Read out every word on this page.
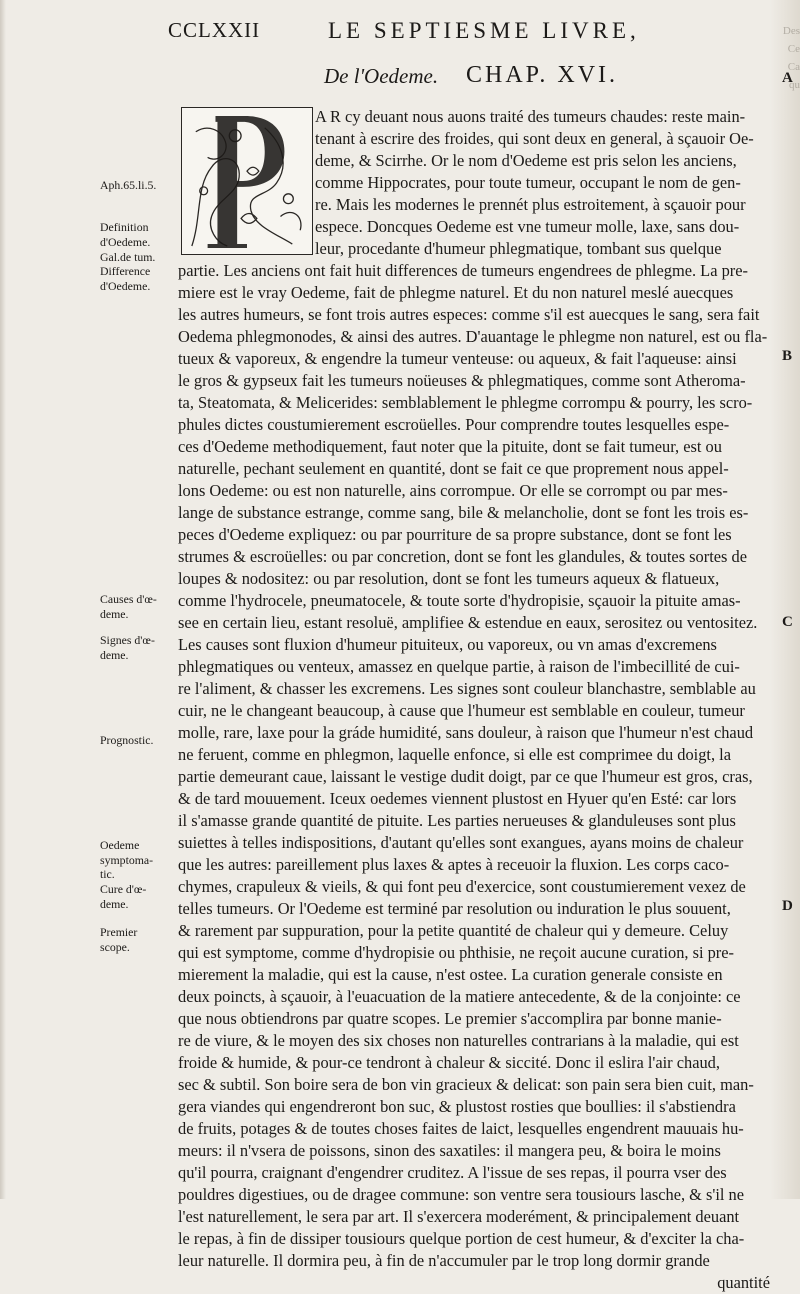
Des
Ce
Ca
qu
CCLXXII	LE SEPTIESME LIVRE,
De l'Oedeme. CHAP. XVI.
A R cy deuant nous auons traité des tumeurs chaudes: reste main-
tenant à escrire des froides, qui sont deux en general, à sçauoir Oe-
deme, & Scirrhe. Or le nom d'Oedeme est pris selon les anciens,
comme Hippocrates, pour toute tumeur, occupant le nom de gen-
re. Mais les modernes le prennét plus estroitement, à sçauoir pour
espece. Doncques Oedeme est vne tumeur molle, laxe, sans dou-
leur, procedante d'humeur phlegmatique, tombant sus quelque
partie. Les anciens ont fait huit differences de tumeurs engendrees de phlegme. La pre-
miere est le vray Oedeme, fait de phlegme naturel. Et du non naturel meslé auecques
les autres humeurs, se font trois autres especes: comme s'il est auecques le sang, sera fait
Oedema phlegmonodes, & ainsi des autres. D'auantage le phlegme non naturel, est ou fla-
tueux & vaporeux, & engendre la tumeur venteuse: ou aqueux, & fait l'aqueuse: ainsi
le gros & gypseux fait les tumeurs noüeuses & phlegmatiques, comme sont Atheroma-
ta, Steatomata, & Melicerides: semblablement le phlegme corrompu & pourry, les scro-
phules dictes coustumierement escroüelles. Pour comprendre toutes lesquelles espe-
ces d'Oedeme methodiquement, faut noter que la pituite, dont se fait tumeur, est ou
naturelle, pechant seulement en quantité, dont se fait ce que proprement nous appel-
lons Oedeme: ou est non naturelle, ains corrompue. Or elle se corrompt ou par mes-
lange de substance estrange, comme sang, bile & melancholie, dont se font les trois es-
peces d'Oedeme expliquez: ou par pourriture de sa propre substance, dont se font les
strumes & escroüelles: ou par concretion, dont se font les glandules, & toutes sortes de
loupes & nodositez: ou par resolution, dont se font les tumeurs aqueux & flatueux,
comme l'hydrocele, pneumatocele, & toute sorte d'hydropisie, sçauoir la pituite amas-
see en certain lieu, estant resoluë, amplifiee & estendue en eaux, serositez ou ventositez.
Les causes sont fluxion d'humeur pituiteux, ou vaporeux, ou vn amas d'excremens
phlegmatiques ou venteux, amassez en quelque partie, à raison de l'imbecillité de cui-
re l'aliment, & chasser les excremens. Les signes sont couleur blanchastre, semblable au
cuir, ne le changeant beaucoup, à cause que l'humeur est semblable en couleur, tumeur
molle, rare, laxe pour la gráde humidité, sans douleur, à raison que l'humeur n'est chaud
ne feruent, comme en phlegmon, laquelle enfonce, si elle est comprimee du doigt, la
partie demeurant caue, laissant le vestige dudit doigt, par ce que l'humeur est gros, cras,
& de tard mouuement. Iceux oedemes viennent plustost en Hyuer qu'en Esté: car lors
il s'amasse grande quantité de pituite. Les parties nerueuses & glanduleuses sont plus
suiettes à telles indispositions, d'autant qu'elles sont exangues, ayans moins de chaleur
que les autres: pareillement plus laxes & aptes à receuoir la fluxion. Les corps caco-
chymes, crapuleux & vieils, & qui font peu d'exercice, sont coustumierement vexez de
telles tumeurs. Or l'Oedeme est terminé par resolution ou induration le plus souuent,
& rarement par suppuration, pour la petite quantité de chaleur qui y demeure. Celuy
qui est symptome, comme d'hydropisie ou phthisie, ne reçoit aucune curation, si pre-
mierement la maladie, qui est la cause, n'est ostee. La curation generale consiste en
deux poincts, à sçauoir, à l'euacuation de la matiere antecedente, & de la conjointe: ce
que nous obtiendrons par quatre scopes. Le premier s'accomplira par bonne manie-
re de viure, & le moyen des six choses non naturelles contrarians à la maladie, qui est
froide & humide, & pour-ce tendront à chaleur & siccité. Donc il eslira l'air chaud,
sec & subtil. Son boire sera de bon vin gracieux & delicat: son pain sera bien cuit, man-
gera viandes qui engendreront bon suc, & plustost rosties que boullies: il s'abstiendra
de fruits, potages & de toutes choses faites de laict, lesquelles engendrent mauuais hu-
meurs: il n'vsera de poissons, sinon des saxatiles: il mangera peu, & boira le moins
qu'il pourra, craignant d'engendrer cruditez. A l'issue de ses repas, il pourra vser des
pouldres digestiues, ou de dragee commune: son ventre sera tousiours lasche, & s'il ne
l'est naturellement, le sera par art. Il s'exercera moderément, & principalement deuant
le repas, à fin de dissiper tousiours quelque portion de cest humeur, & d'exciter la cha-
leur naturelle. Il dormira peu, à fin de n'accumuler par le trop long dormir grande
quantité
Aph.65.li.5.
Definition
d'Oedeme.
Gal.de tum.
Difference
d'Oedeme.
Causes d'œ-
deme.
Signes d'œ-
deme.
Prognostic.
Oedeme
symptoma-
tic.
Cure d'œ-
deme.
Premier
scope.
A
B
C
D
